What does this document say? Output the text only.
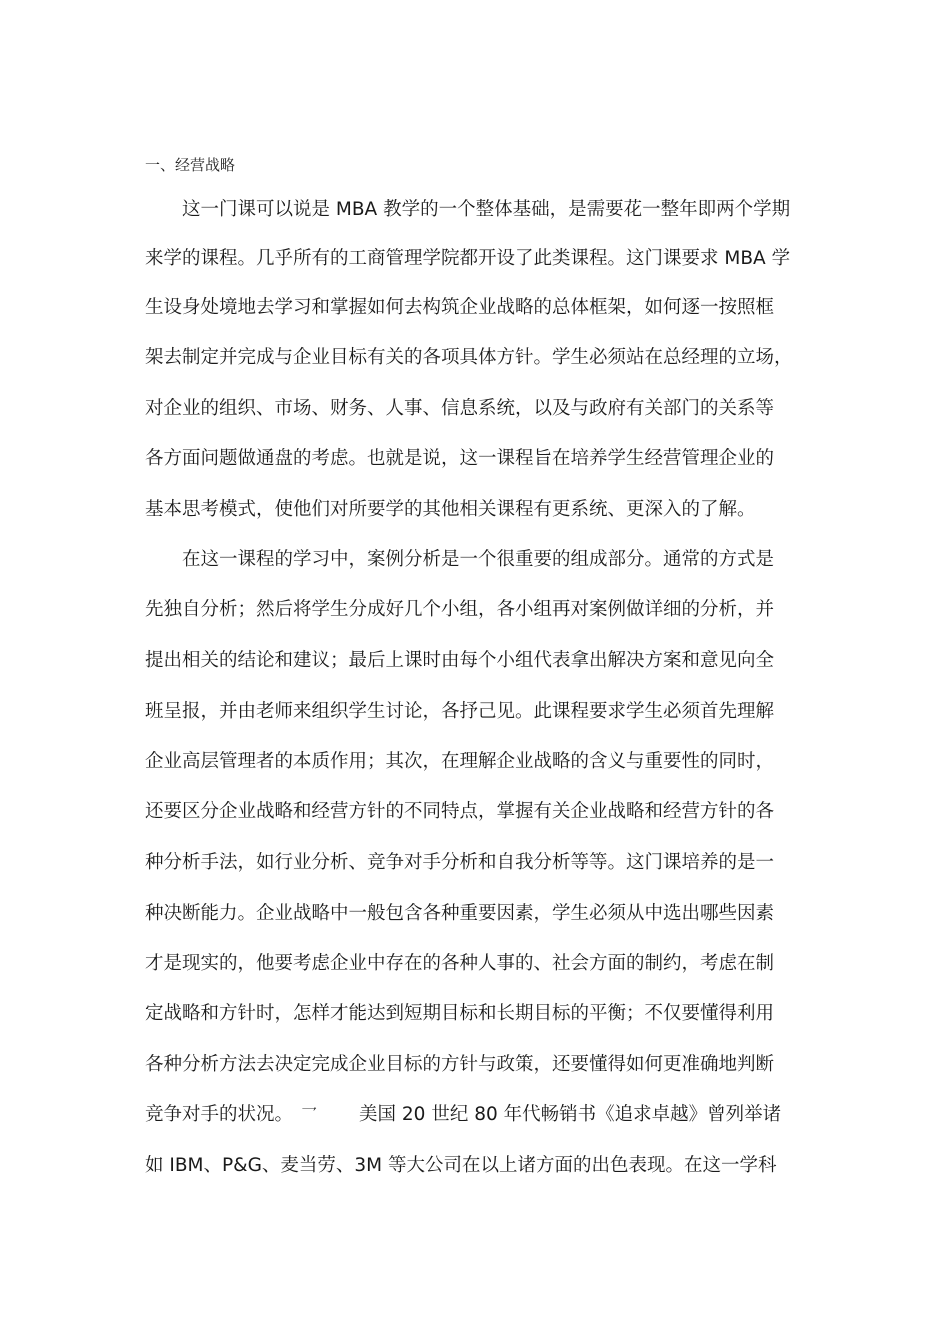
一、经营战略
　　这一门课可以说是 MBA 教学的一个整体基础，是需要花一整年即两个学期
来学的课程。几乎所有的工商管理学院都开设了此类课程。这门课要求 MBA 学
生设身处境地去学习和掌握如何去构筑企业战略的总体框架，如何逐一按照框
架去制定并完成与企业目标有关的各项具体方针。学生必须站在总经理的立场，
对企业的组织、市场、财务、人事、信息系统，以及与政府有关部门的关系等
各方面问题做通盘的考虑。也就是说，这一课程旨在培养学生经营管理企业的
基本思考模式，使他们对所要学的其他相关课程有更系统、更深入的了解。
　　在这一课程的学习中，案例分析是一个很重要的组成部分。通常的方式是
先独自分析；然后将学生分成好几个小组，各小组再对案例做详细的分析，并
提出相关的结论和建议；最后上课时由每个小组代表拿出解决方案和意见向全
班呈报，并由老师来组织学生讨论，各抒己见。此课程要求学生必须首先理解
企业高层管理者的本质作用；其次，在理解企业战略的含义与重要性的同时，
还要区分企业战略和经营方针的不同特点，掌握有关企业战略和经营方针的各
种分析手法，如行业分析、竞争对手分析和自我分析等等。这门课培养的是一
种决断能力。企业战略中一般包含各种重要因素，学生必须从中选出哪些因素
才是现实的，他要考虑企业中存在的各种人事的、社会方面的制约，考虑在制
定战略和方针时，怎样才能达到短期目标和长期目标的平衡；不仅要懂得利用
各种分析方法去决定完成企业目标的方针与政策，还要懂得如何更准确地判断
竞争对手的状况。 乛 美国 20 世纪 80 年代畅销书《追求卓越》曾列举诸
如 IBM、P&G、麦当劳、3M 等大公司在以上诸方面的出色表现。在这一学科
